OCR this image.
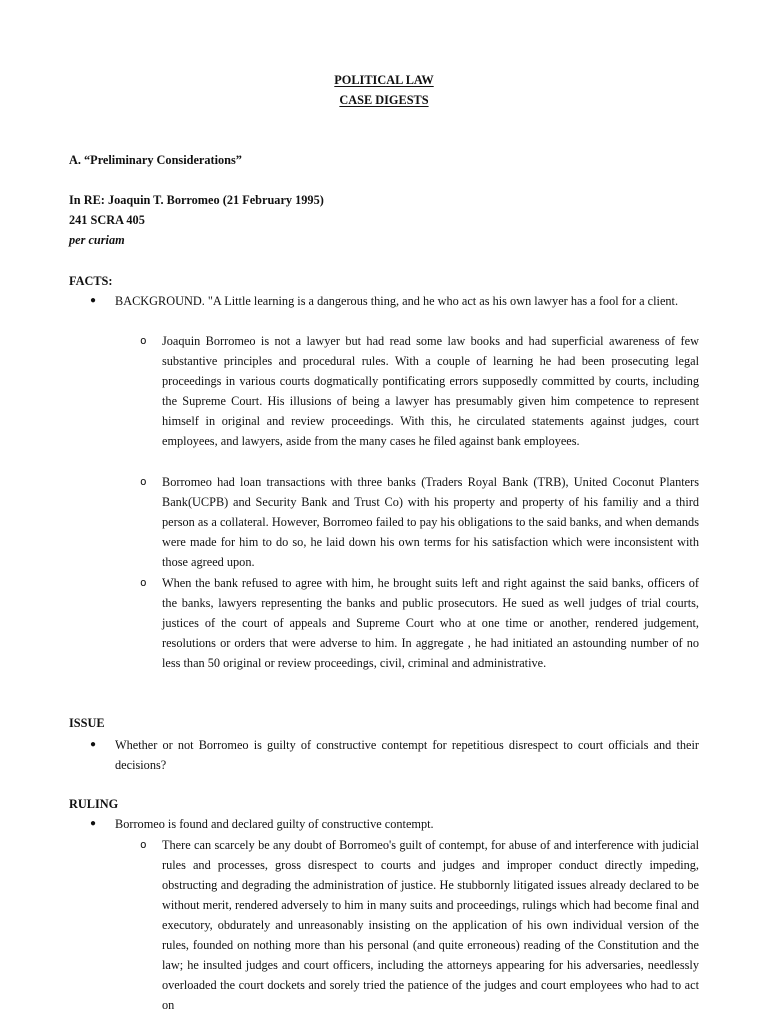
POLITICAL LAW
CASE DIGESTS
A. “Preliminary Considerations”
In RE: Joaquin T. Borromeo (21 February 1995)
241 SCRA 405
per curiam
FACTS:
● BACKGROUND. "A Little learning is a dangerous thing, and he who act as his own lawyer has a fool for a client.
o Joaquin Borromeo is not a lawyer but had read some law books and had superficial awareness of few substantive principles and procedural rules. With a couple of learning he had been prosecuting legal proceedings in various courts dogmatically pontificating errors supposedly committed by courts, including the Supreme Court. His illusions of being a lawyer has presumably given him competence to represent himself in original and review proceedings. With this, he circulated statements against judges, court employees, and lawyers, aside from the many cases he filed against bank employees.
o Borromeo had loan transactions with three banks (Traders Royal Bank (TRB), United Coconut Planters Bank(UCPB) and Security Bank and Trust Co) with his property and property of his familiy and a third person as a collateral. However, Borromeo failed to pay his obligations to the said banks, and when demands were made for him to do so, he laid down his own terms for his satisfaction which were inconsistent with those agreed upon.
o When the bank refused to agree with him, he brought suits left and right against the said banks, officers of the banks, lawyers representing the banks and public prosecutors. He sued as well judges of trial courts, justices of the court of appeals and Supreme Court who at one time or another, rendered judgement, resolutions or orders that were adverse to him. In aggregate , he had initiated an astounding number of no less than 50 original or review proceedings, civil, criminal and administrative.
ISSUE
● Whether or not Borromeo is guilty of constructive contempt for repetitious disrespect to court officials and their decisions?
RULING
● Borromeo is found and declared guilty of constructive contempt.
o There can scarcely be any doubt of Borromeo's guilt of contempt, for abuse of and interference with judicial rules and processes, gross disrespect to courts and judges and improper conduct directly impeding, obstructing and degrading the administration of justice. He stubbornly litigated issues already declared to be without merit, rendered adversely to him in many suits and proceedings, rulings which had become final and executory, obdurately and unreasonably insisting on the application of his own individual version of the rules, founded on nothing more than his personal (and quite erroneous) reading of the Constitution and the law; he insulted judges and court officers, including the attorneys appearing for his adversaries, needlessly overloaded the court dockets and sorely tried the patience of the judges and court employees who had to act on
